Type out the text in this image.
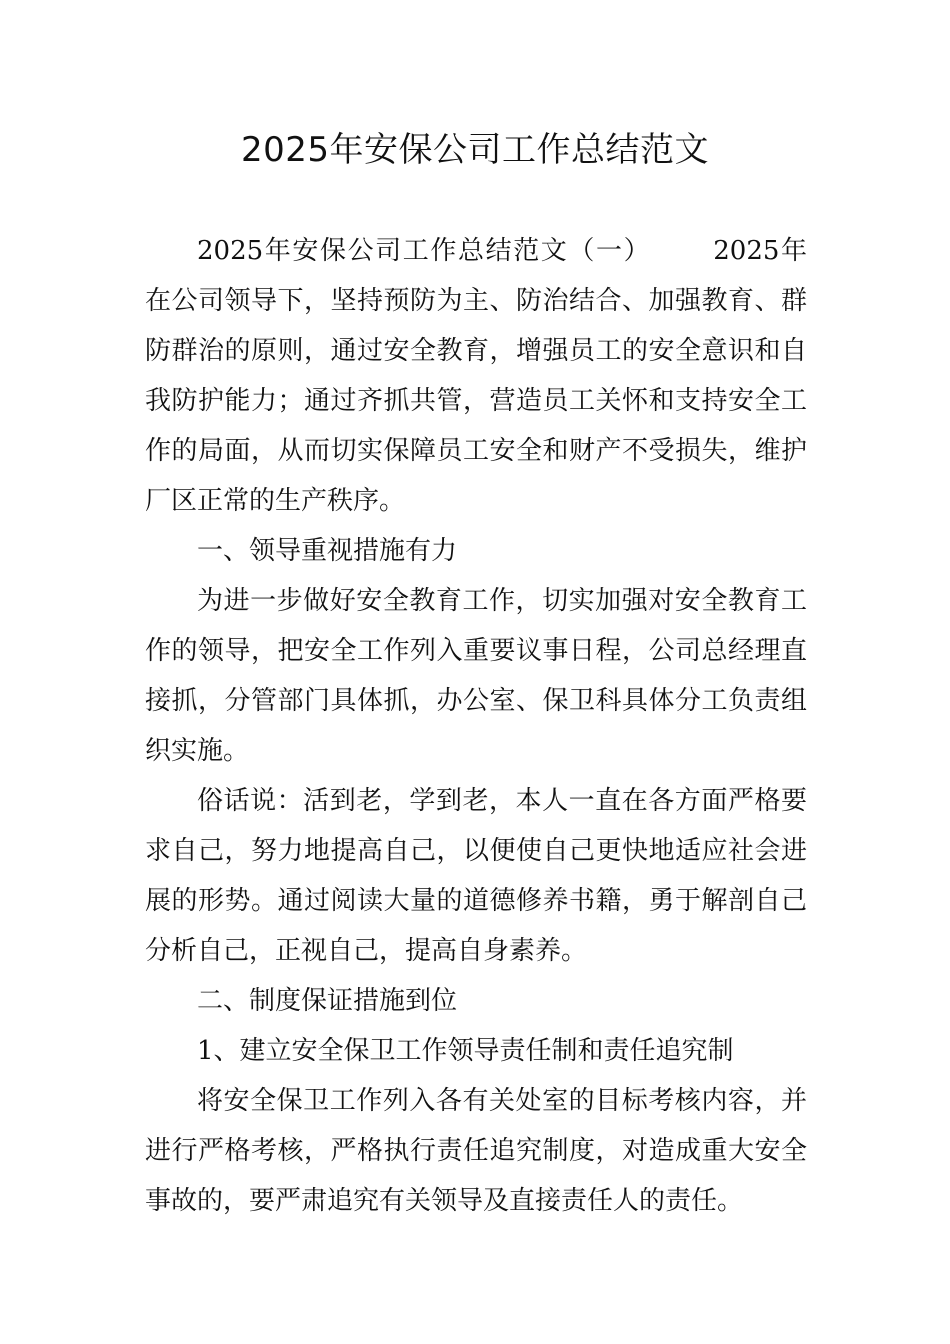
2025年安保公司工作总结范文

2025年安保公司工作总结范文（一） 2025年在公司领导下，坚持预防为主、防治结合、加强教育、群防群治的原则，通过安全教育，增强员工的安全意识和自我防护能力；通过齐抓共管，营造员工关怀和支持安全工作的局面，从而切实保障员工安全和财产不受损失，维护厂区正常的生产秩序。

一、领导重视措施有力

为进一步做好安全教育工作，切实加强对安全教育工作的领导，把安全工作列入重要议事日程，公司总经理直接抓，分管部门具体抓，办公室、保卫科具体分工负责组织实施。

俗话说：活到老，学到老，本人一直在各方面严格要求自己，努力地提高自己，以便使自己更快地适应社会进展的形势。通过阅读大量的道德修养书籍，勇于解剖自己分析自己，正视自己，提高自身素养。

二、制度保证措施到位

1、建立安全保卫工作领导责任制和责任追究制

将安全保卫工作列入各有关处室的目标考核内容，并进行严格考核，严格执行责任追究制度，对造成重大安全事故的，要严肃追究有关领导及直接责任人的责任。
